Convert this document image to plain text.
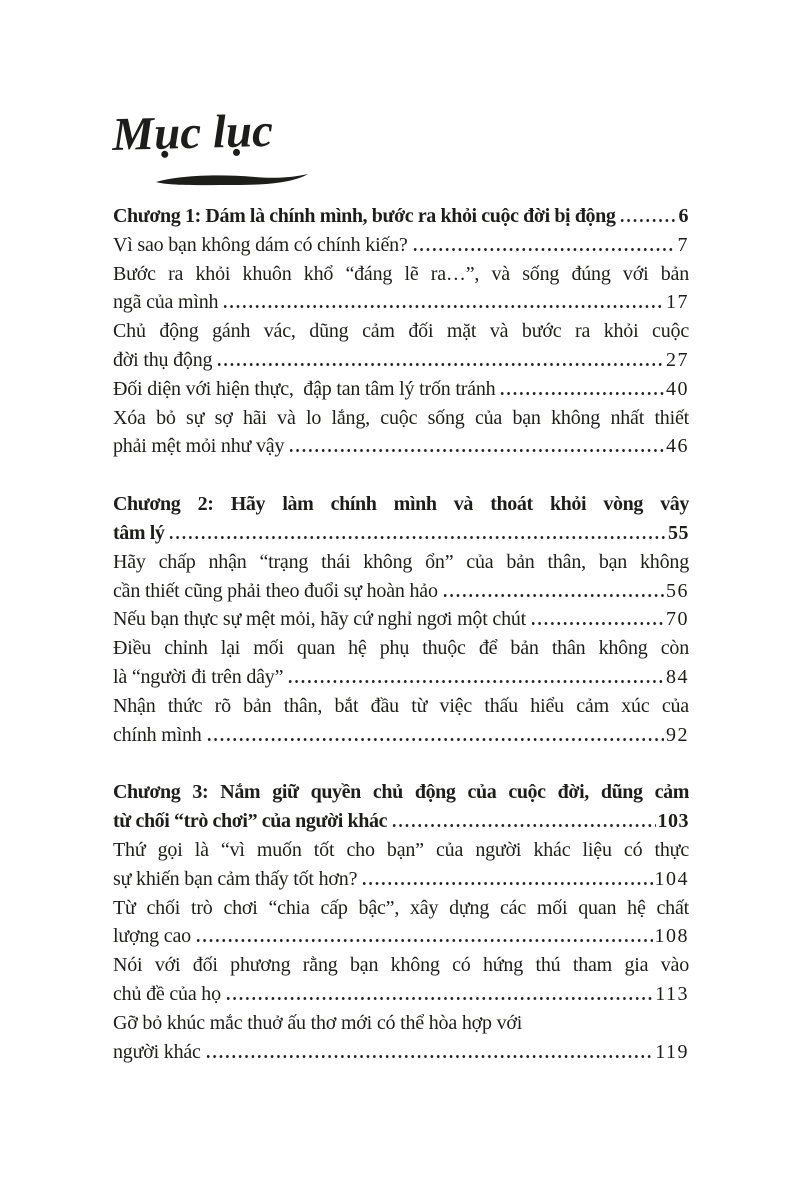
Mục lục
Chương 1: Dám là chính mình, bước ra khỏi cuộc đời bị động	6
Vì sao bạn không dám có chính kiến?	7
Bước ra khỏi khuôn khổ “đáng lẽ ra…”, và sống đúng với bản
ngã của mình	17
Chủ động gánh vác, dũng cảm đối mặt và bước ra khỏi cuộc
đời thụ động	27
Đối diện với hiện thực,  đập tan tâm lý trốn tránh	40
Xóa bỏ sự sợ hãi và lo lắng, cuộc sống của bạn không nhất thiết
phải mệt mỏi như vậy	46
Chương 2: Hãy làm chính mình và thoát khỏi vòng vây
tâm lý	55
Hãy chấp nhận “trạng thái không ổn” của bản thân, bạn không
cần thiết cũng phải theo đuổi sự hoàn hảo	56
Nếu bạn thực sự mệt mỏi, hãy cứ nghỉ ngơi một chút	70
Điều chỉnh lại mối quan hệ phụ thuộc để bản thân không còn
là “người đi trên dây”	84
Nhận thức rõ bản thân, bắt đầu từ việc thấu hiểu cảm xúc của
chính mình	92
Chương 3: Nắm giữ quyền chủ động của cuộc đời, dũng cảm
từ chối “trò chơi” của người khác	103
Thứ gọi là “vì muốn tốt cho bạn” của người khác liệu có thực
sự khiến bạn cảm thấy tốt hơn?	104
Từ chối trò chơi “chia cấp bậc”, xây dựng các mối quan hệ chất
lượng cao	108
Nói với đối phương rằng bạn không có hứng thú tham gia vào
chủ đề của họ	113
Gỡ bỏ khúc mắc thuở ấu thơ mới có thể hòa hợp với
người khác	119
